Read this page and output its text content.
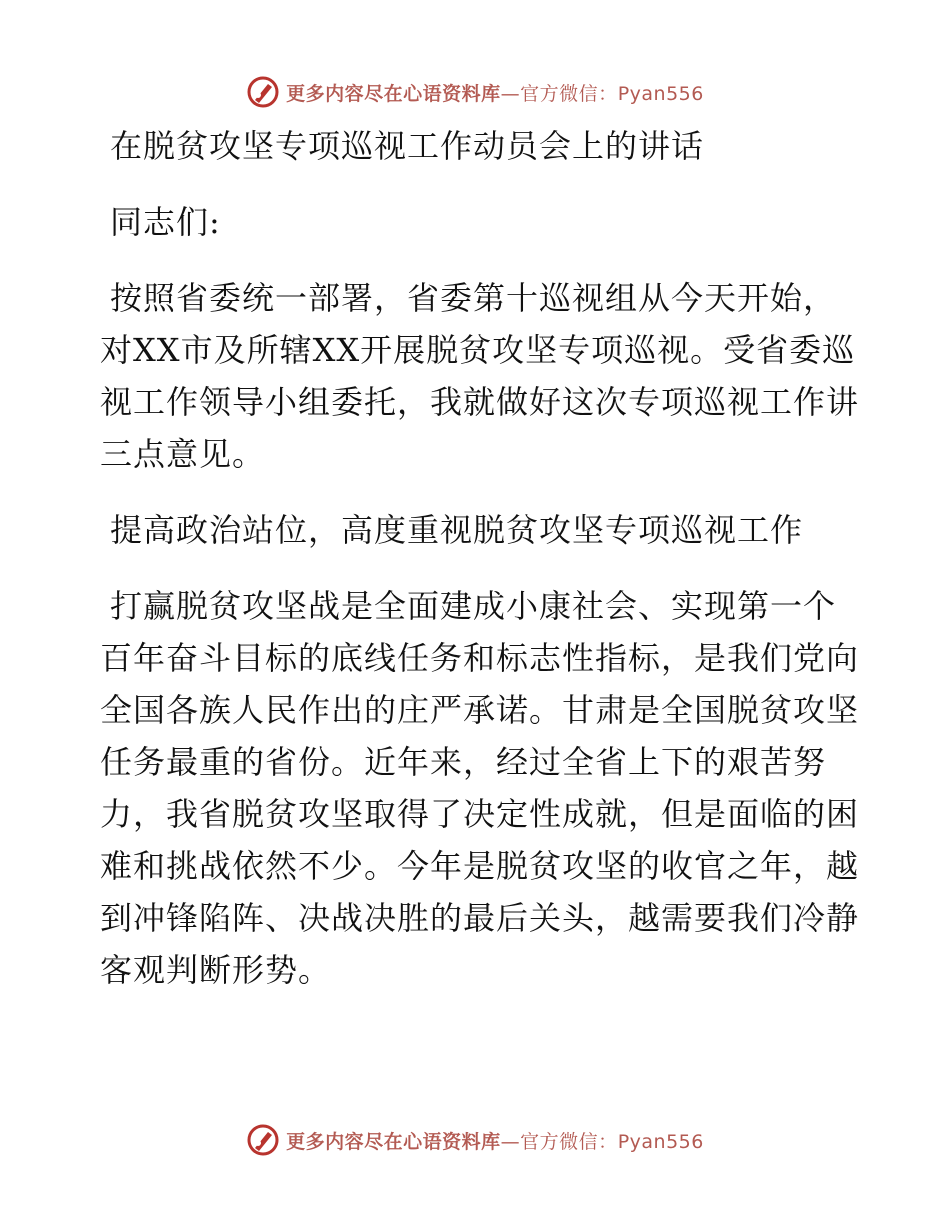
更多内容尽在心语资料库—官方微信：Pyan556

在脱贫攻坚专项巡视工作动员会上的讲话

同志们:

按照省委统一部署，省委第十巡视组从今天开始，对XX市及所辖XX开展脱贫攻坚专项巡视。受省委巡视工作领导小组委托，我就做好这次专项巡视工作讲三点意见。

提高政治站位，高度重视脱贫攻坚专项巡视工作

打赢脱贫攻坚战是全面建成小康社会、实现第一个百年奋斗目标的底线任务和标志性指标，是我们党向全国各族人民作出的庄严承诺。甘肃是全国脱贫攻坚任务最重的省份。近年来，经过全省上下的艰苦努力，我省脱贫攻坚取得了决定性成就，但是面临的困难和挑战依然不少。今年是脱贫攻坚的收官之年，越到冲锋陷阵、决战决胜的最后关头，越需要我们冷静客观判断形势。

更多内容尽在心语资料库—官方微信：Pyan556
